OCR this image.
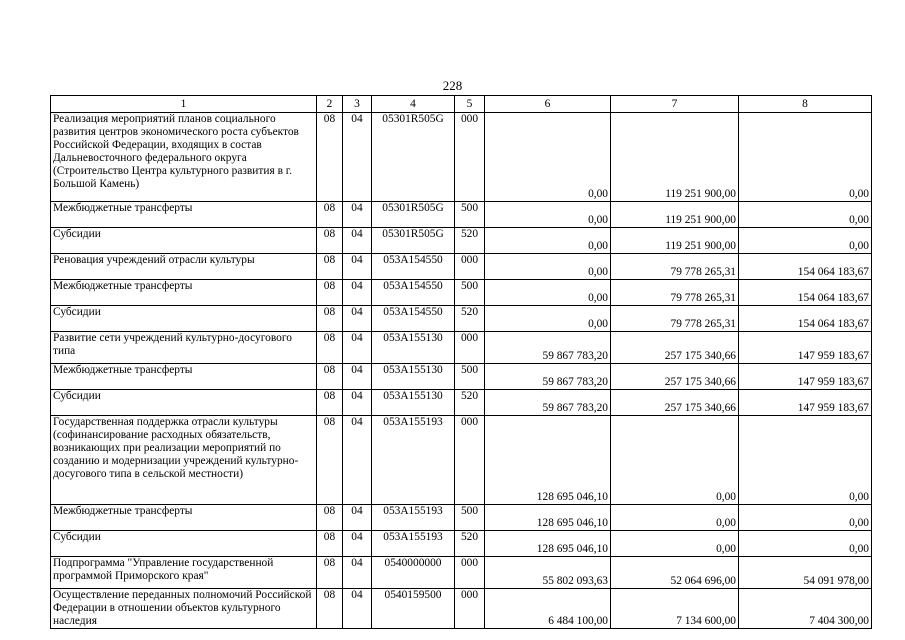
228
1	2	3	4	5	6	7	8
Реализация мероприятий планов социального развития центров экономического роста субъектов Российской Федерации, входящих в состав Дальневосточного федерального округа (Строительство Центра культурного развития в г. Большой Камень)	08	04	05301R505G	000	0,00	119 251 900,00	0,00
Межбюджетные трансферты	08	04	05301R505G	500	0,00	119 251 900,00	0,00
Субсидии	08	04	05301R505G	520	0,00	119 251 900,00	0,00
Реновация учреждений отрасли культуры	08	04	053A154550	000	0,00	79 778 265,31	154 064 183,67
Межбюджетные трансферты	08	04	053A154550	500	0,00	79 778 265,31	154 064 183,67
Субсидии	08	04	053A154550	520	0,00	79 778 265,31	154 064 183,67
Развитие сети учреждений культурно-досугового типа	08	04	053A155130	000	59 867 783,20	257 175 340,66	147 959 183,67
Межбюджетные трансферты	08	04	053A155130	500	59 867 783,20	257 175 340,66	147 959 183,67
Субсидии	08	04	053A155130	520	59 867 783,20	257 175 340,66	147 959 183,67
Государственная поддержка отрасли культуры (софинансирование расходных обязательств, возникающих при реализации мероприятий по созданию и модернизации учреждений культурно-досугового типа в сельской местности)	08	04	053A155193	000	128 695 046,10	0,00	0,00
Межбюджетные трансферты	08	04	053A155193	500	128 695 046,10	0,00	0,00
Субсидии	08	04	053A155193	520	128 695 046,10	0,00	0,00
Подпрограмма "Управление государственной программой Приморского края"	08	04	0540000000	000	55 802 093,63	52 064 696,00	54 091 978,00
Осуществление переданных полномочий Российской Федерации в отношении объектов культурного наследия	08	04	0540159500	000	6 484 100,00	7 134 600,00	7 404 300,00
